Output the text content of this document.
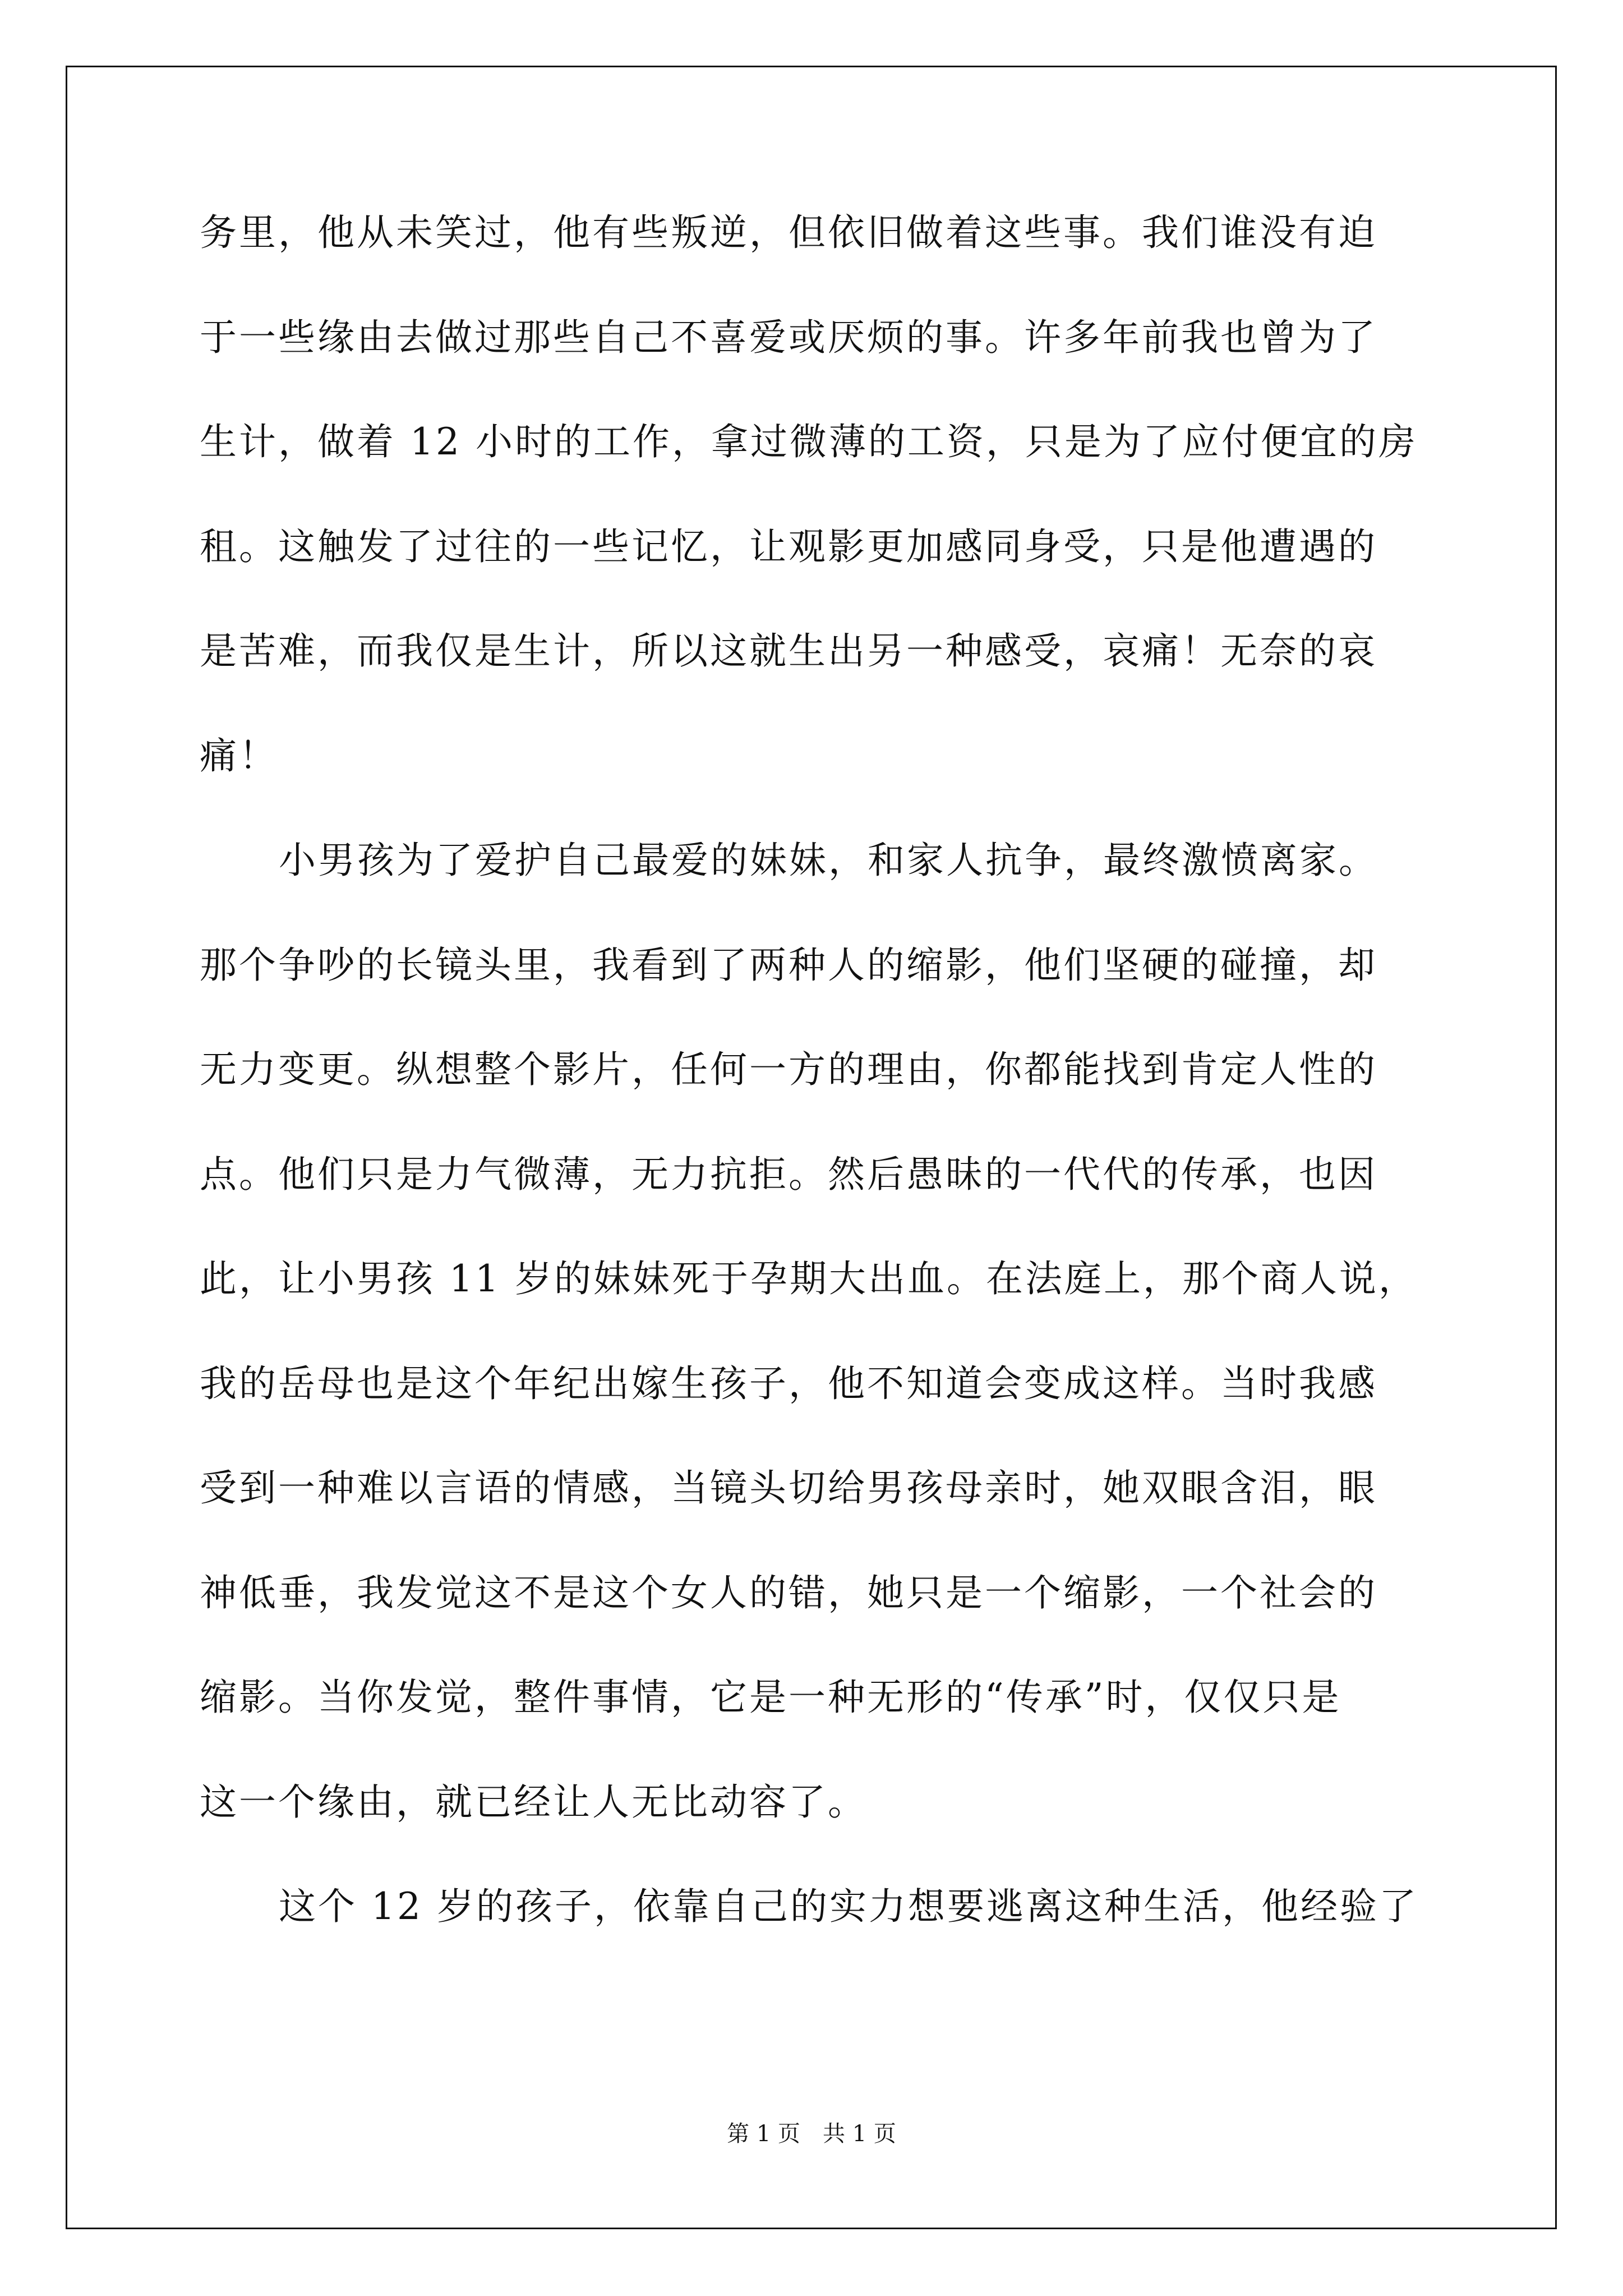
务里，他从未笑过，他有些叛逆，但依旧做着这些事。我们谁没有迫
于一些缘由去做过那些自己不喜爱或厌烦的事。许多年前我也曾为了
生计，做着 12 小时的工作，拿过微薄的工资，只是为了应付便宜的房
租。这触发了过往的一些记忆，让观影更加感同身受，只是他遭遇的
是苦难，而我仅是生计，所以这就生出另一种感受，哀痛！无奈的哀
痛！
小男孩为了爱护自己最爱的妹妹，和家人抗争，最终激愤离家。
那个争吵的长镜头里，我看到了两种人的缩影，他们坚硬的碰撞，却
无力变更。纵想整个影片，任何一方的理由，你都能找到肯定人性的
点。他们只是力气微薄，无力抗拒。然后愚昧的一代代的传承，也因
此，让小男孩 11 岁的妹妹死于孕期大出血。在法庭上，那个商人说，
我的岳母也是这个年纪出嫁生孩子，他不知道会变成这样。当时我感
受到一种难以言语的情感，当镜头切给男孩母亲时，她双眼含泪，眼
神低垂，我发觉这不是这个女人的错，她只是一个缩影，一个社会的
缩影。当你发觉，整件事情，它是一种无形的“传承”时，仅仅只是
这一个缘由，就已经让人无比动容了。
这个 12 岁的孩子，依靠自己的实力想要逃离这种生活，他经验了
第 1 页　共 1 页
